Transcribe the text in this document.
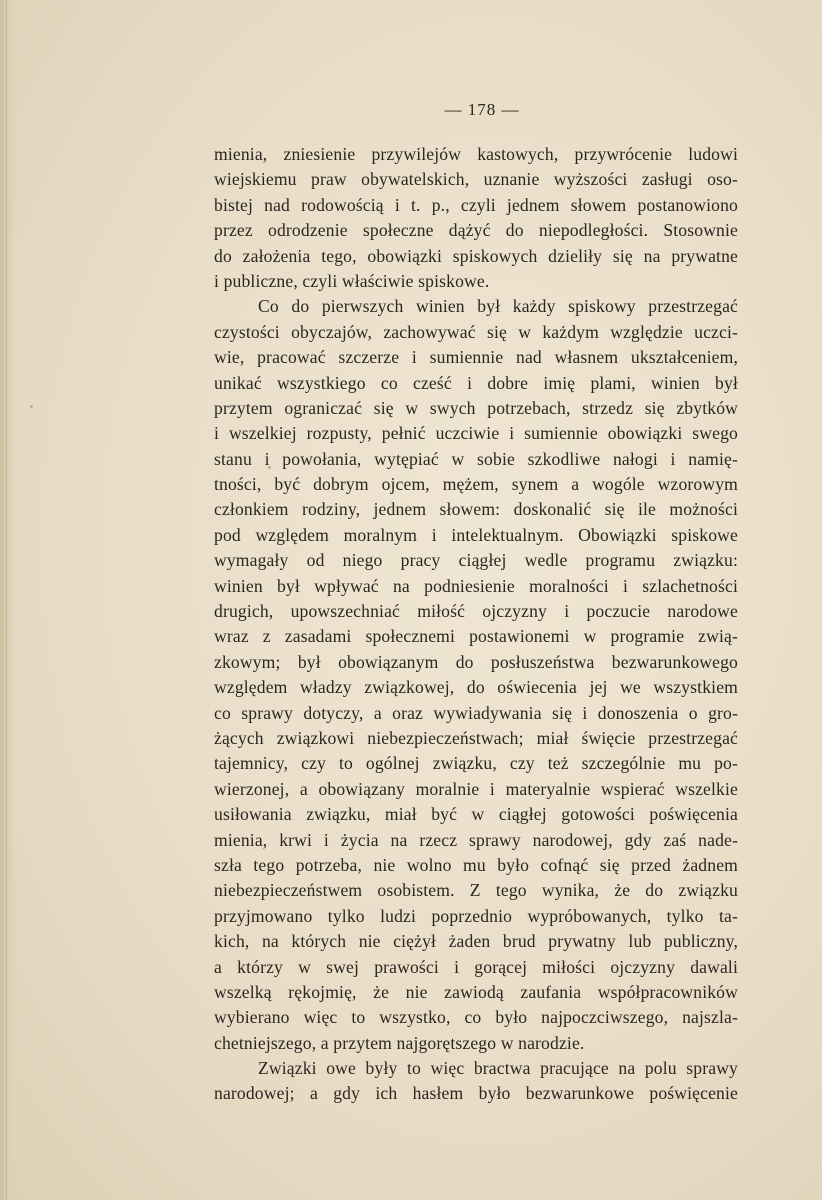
— 178 —
mienia, zniesienie przywilejów kastowych, przywrócenie ludowi
wiejskiemu praw obywatelskich, uznanie wyższości zasługi oso-
bistej nad rodowością i t. p., czyli jednem słowem postanowiono
przez odrodzenie społeczne dążyć do niepodległości. Stosownie
do założenia tego, obowiązki spiskowych dzieliły się na prywatne
i publiczne, czyli właściwie spiskowe.
Co do pierwszych winien był każdy spiskowy przestrzegać
czystości obyczajów, zachowywać się w każdym względzie uczci-
wie, pracować szczerze i sumiennie nad własnem ukształceniem,
unikać wszystkiego co cześć i dobre imię plami, winien był
przytem ograniczać się w swych potrzebach, strzedz się zbytków
i wszelkiej rozpusty, pełnić uczciwie i sumiennie obowiązki swego
stanu i powołania, wytępiać w sobie szkodliwe nałogi i namię-
tności, być dobrym ojcem, mężem, synem a wogóle wzorowym
członkiem rodziny, jednem słowem: doskonalić się ile możności
pod względem moralnym i intelektualnym. Obowiązki spiskowe
wymagały od niego pracy ciągłej wedle programu związku:
winien był wpływać na podniesienie moralności i szlachetności
drugich, upowszechniać miłość ojczyzny i poczucie narodowe
wraz z zasadami społecznemi postawionemi w programie zwią-
zkowym; był obowiązanym do posłuszeństwa bezwarunkowego
względem władzy związkowej, do oświecenia jej we wszystkiem
co sprawy dotyczy, a oraz wywiadywania się i donoszenia o gro-
żących związkowi niebezpieczeństwach; miał święcie przestrzegać
tajemnicy, czy to ogólnej związku, czy też szczególnie mu po-
wierzonej, a obowiązany moralnie i materyalnie wspierać wszelkie
usiłowania związku, miał być w ciągłej gotowości poświęcenia
mienia, krwi i życia na rzecz sprawy narodowej, gdy zaś nade-
szła tego potrzeba, nie wolno mu było cofnąć się przed żadnem
niebezpieczeństwem osobistem. Z tego wynika, że do związku
przyjmowano tylko ludzi poprzednio wypróbowanych, tylko ta-
kich, na których nie ciężył żaden brud prywatny lub publiczny,
a którzy w swej prawości i gorącej miłości ojczyzny dawali
wszelką rękojmię, że nie zawiodą zaufania współpracowników
wybierano więc to wszystko, co było najpoczciwszego, najszla-
chetniejszego, a przytem najgorętszego w narodzie.
Związki owe były to więc bractwa pracujące na polu sprawy
narodowej; a gdy ich hasłem było bezwarunkowe poświęcenie
